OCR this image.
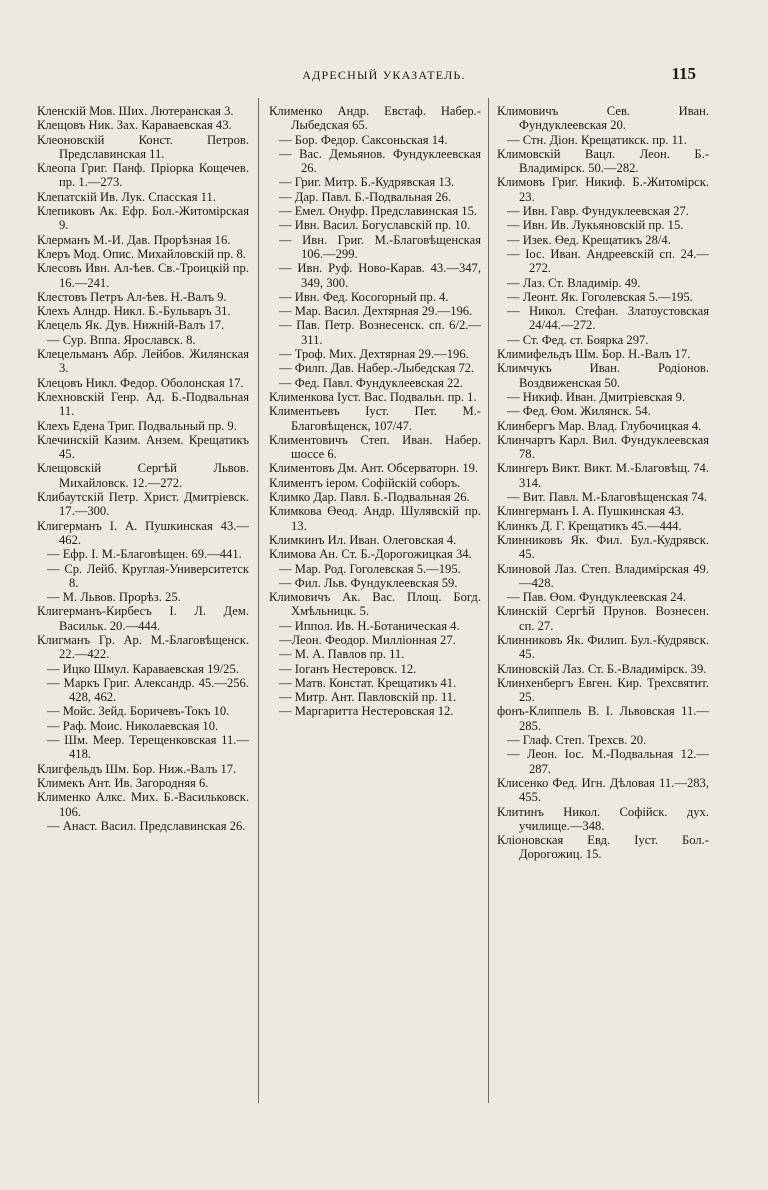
АДРЕСНЫЙ УКАЗАТЕЛЬ.	115
Кленскій Мов. Ших. Лютеранская 3.
Клещовъ Ник. Зах. Караваевская 43.
Клеоновскій Конст. Петров. Предславинская 11.
Клеопа Григ. Панф. Пріорка Кощечев. пр. 1.—273.
Клепатскій Ив. Лук. Спасская 11.
Клепиковъ Ак. Ефр. Бол.-Житомірская 9.
Клерманъ М.-И. Дав. Прорѣзная 16.
Клеръ Мод. Опис. Михайловскій пр. 8.
Клесовъ Ивн. Ал-ѣев. Св.-Троицкій пр. 16.—241.
Клестовъ Петръ Ал-ѣев. Н.-Валъ 9.
Клехъ Алндр. Никл. Б.-Бульваръ 31.
Клецель Як. Дув. Нижній-Валъ 17.
— Сур. Вппа. Ярославск. 8.
Клецельманъ Абр. Лейбов. Жилянская 3.
Клецовъ Никл. Федор. Оболонская 17.
Клехновскій Генр. Ад. Б.-Подвальная 11.
Клехъ Едена Триг. Подвальный пр. 9.
Клечинскій Казим. Анзем. Крещатикъ 45.
Клещовскій Сергѣй Львов. Михайловск. 12.—272.
Клибаутскій Петр. Христ. Дмитріевск. 17.—300.
Клигерманъ І. А. Пушкинская 43.—462.
— Ефр. І. М.-Благовѣщен. 69.—441.
— Ср. Лейб. Круглая-Университетск 8.
— М. Львов. Прорѣз. 25.
Клигерманъ-Кирбесъ І. Л. Дем. Васильк. 20.—444.
Клигманъ Гр. Ар. М.-Благовѣщенск. 22.—422.
— Ицко Шмул. Караваевская 19/25.
— Маркъ Григ. Александр. 45.—256. 428, 462.
— Мойс. Зейд. Боричевъ-Токъ 10.
— Раф. Моис. Николаевская 10.
— Шм. Меер. Терещенковская 11.—418.
Клигфельдъ Шм. Бор. Ниж.-Валъ 17.
Климекъ Ант. Ив. Загородняя 6.
Клименко Алкс. Мих. Б.-Васильковск. 106.
— Анаст. Васил. Предславинская 26.
Клименко Андр. Евстаф. Набер.-Лыбедская 65.
— Бор. Федор. Саксоньская 14.
— Вас. Демьянов. Фундуклеевская 26.
— Григ. Митр. Б.-Кудрявская 13.
— Дар. Павл. Б.-Подвальная 26.
— Емел. Онуфр. Предславинская 15.
— Ивн. Васил. Богуславскій пр. 10.
— Ивн. Григ. М.-Благовѣщенская 106.—299.
— Ивн. Руф. Ново-Карав. 43.—347, 349, 300.
— Ивн. Фед. Косогорный пр. 4.
— Мар. Васил. Дехтярная 29.—196.
— Пав. Петр. Вознесенск. сп. 6/2.—311.
— Троф. Мих. Дехтярная 29.—196.
— Филп. Дав. Набер.-Лыбедская 72.
— Фед. Павл. Фундуклеевская 22.
Клименкова Іуст. Вас. Подвальн. пр. 1.
Климентьевъ Іуст. Пет. М.-Благовѣщенск, 107/47.
Климентовичъ Степ. Иван. Набер. шоссе 6.
Климентовъ Дм. Ант. Обсерваторн. 19.
Климентъ іером. Софійскій соборъ.
Климко Дар. Павл. Б.-Подвальная 26.
Климкова Өеод. Андр. Шулявскій пр. 13.
Климкинъ Ил. Иван. Олеговская 4.
Климова Ан. Ст. Б.-Дорогожицкая 34.
— Мар. Род. Гоголевская 5.—195.
— Фил. Льв. Фундуклеевская 59.
Климовичъ Ак. Вас. Площ. Богд. Хмѣльницк. 5.
— Иппол. Ив. Н.-Ботаническая 4.
—Леон. Феодор. Милліонная 27.
— М. А. Павлов пр. 11.
— Іоганъ Нестеровск. 12.
— Матв. Констат. Крещатикъ 41.
— Митр. Ант. Павловскій пр. 11.
— Маргаритта Нестеровская 12.
Климовичъ Сев. Иван. Фундуклеевская 20.
— Стн. Діон. Крещатикск. пр. 11.
Климовскій Вацл. Леон. Б.-Владимірск. 50.—282.
Климовъ Григ. Никиф. Б.-Житомірск. 23.
— Ивн. Гавр. Фундуклеевская 27.
— Ивн. Ив. Лукьяновскій пр. 15.
— Изек. Өед. Крещатикъ 28/4.
— Іос. Иван. Андреевскій сп. 24.—272.
— Лаз. Ст. Владимір. 49.
— Леонт. Як. Гоголевская 5.—195.
— Никол. Стефан. Златоустовская 24/44.—272.
— Ст. Фед. ст. Боярка 297.
Климифельдъ Шм. Бор. Н.-Валъ 17.
Климчукъ Иван. Родіонов. Воздвиженская 50.
— Никиф. Иван. Дмитріевская 9.
— Фед. Өом. Жилянск. 54.
Клинбергъ Мар. Влад. Глубочицкая 4.
Клинчартъ Карл. Вил. Фундуклеевская 78.
Клингеръ Викт. Викт. М.-Благовѣщ. 74. 314.
— Вит. Павл. М.-Благовѣщенская 74.
Клингерманъ І. А. Пушкинская 43.
Клинкъ Д. Г. Крещатикъ 45.—444.
Клинниковъ Як. Фил. Бул.-Кудрявск. 45.
Клиновой Лаз. Степ. Владимірская 49.—428.
— Пав. Өом. Фундуклеевская 24.
Клинскій Сергѣй Прунов. Вознесен. сп. 27.
Клинниковъ Як. Филип. Бул.-Кудрявск. 45.
Клиновскій Лаз. Ст. Б.-Владимірск. 39.
Клинхенбергъ Евген. Кир. Трехсвятит. 25.
фонъ-Клиппель В. І. Львовская 11.—285.
— Глаф. Степ. Трехсв. 20.
— Леон. Іос. М.-Подвальная 12.—287.
Клисенко Фед. Игн. Дѣловая 11.—283, 455.
Клитинъ Никол. Софійск. дух. училище.—348.
Кліоновская Евд. Іуст. Бол.-Дорогожиц. 15.
